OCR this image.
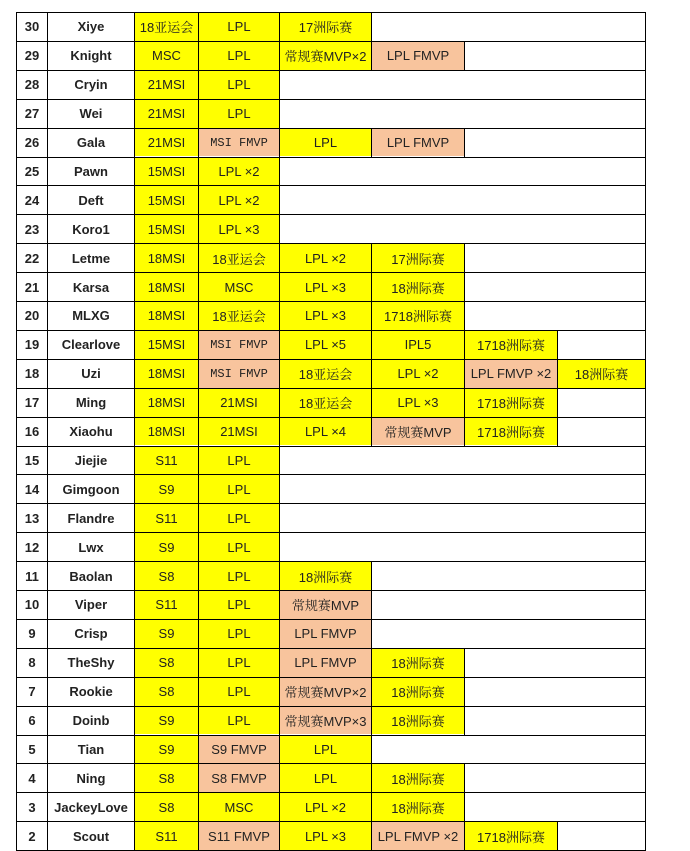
30	Xiye	18亚运会	LPL	17洲际赛
29	Knight	MSC	LPL	常规赛MVP×2	LPL FMVP
28	Cryin	21MSI	LPL
27	Wei	21MSI	LPL
26	Gala	21MSI	MSI FMVP	LPL	LPL FMVP
25	Pawn	15MSI	LPL ×2
24	Deft	15MSI	LPL ×2
23	Koro1	15MSI	LPL ×3
22	Letme	18MSI	18亚运会	LPL ×2	17洲际赛
21	Karsa	18MSI	MSC	LPL ×3	18洲际赛
20	MLXG	18MSI	18亚运会	LPL ×3	1718洲际赛
19	Clearlove	15MSI	MSI FMVP	LPL ×5	IPL5	1718洲际赛
18	Uzi	18MSI	MSI FMVP	18亚运会	LPL ×2	LPL FMVP ×2	18洲际赛
17	Ming	18MSI	21MSI	18亚运会	LPL ×3	1718洲际赛
16	Xiaohu	18MSI	21MSI	LPL ×4	常规赛MVP	1718洲际赛
15	Jiejie	S11	LPL
14	Gimgoon	S9	LPL
13	Flandre	S11	LPL
12	Lwx	S9	LPL
11	Baolan	S8	LPL	18洲际赛
10	Viper	S11	LPL	常规赛MVP
9	Crisp	S9	LPL	LPL FMVP
8	TheShy	S8	LPL	LPL FMVP	18洲际赛
7	Rookie	S8	LPL	常规赛MVP×2	18洲际赛
6	Doinb	S9	LPL	常规赛MVP×3	18洲际赛
5	Tian	S9	S9 FMVP	LPL
4	Ning	S8	S8 FMVP	LPL	18洲际赛
3	JackeyLove	S8	MSC	LPL ×2	18洲际赛
2	Scout	S11	S11 FMVP	LPL ×3	LPL FMVP ×2	1718洲际赛
